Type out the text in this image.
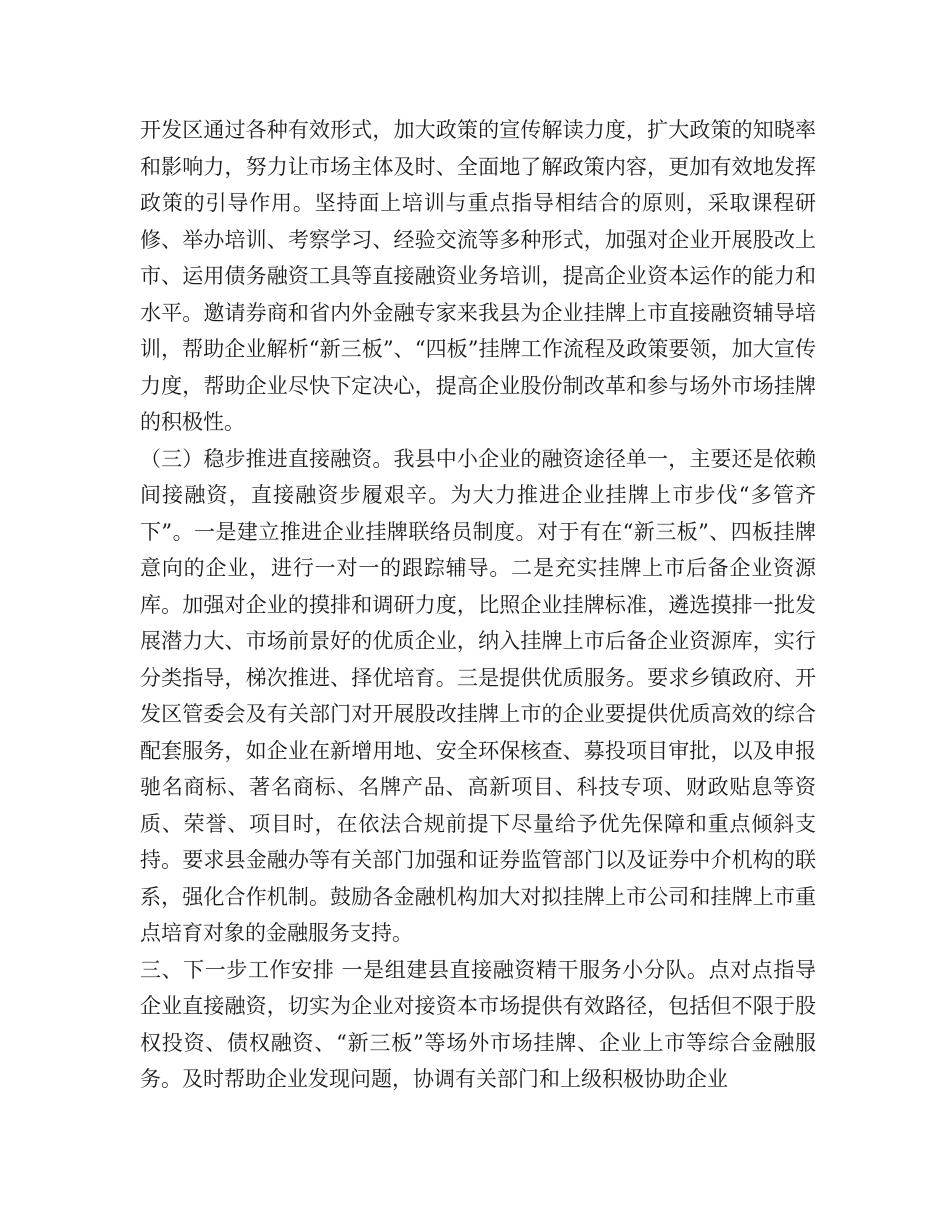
开发区通过各种有效形式，加大政策的宣传解读力度，扩大政策的知晓率和影响力，努力让市场主体及时、全面地了解政策内容，更加有效地发挥政策的引导作用。坚持面上培训与重点指导相结合的原则，采取课程研修、举办培训、考察学习、经验交流等多种形式，加强对企业开展股改上市、运用债务融资工具等直接融资业务培训，提高企业资本运作的能力和水平。邀请券商和省内外金融专家来我县为企业挂牌上市直接融资辅导培训，帮助企业解析“新三板”、“四板”挂牌工作流程及政策要领，加大宣传力度，帮助企业尽快下定决心，提高企业股份制改革和参与场外市场挂牌的积极性。

（三）稳步推进直接融资。我县中小企业的融资途径单一，主要还是依赖间接融资，直接融资步履艰辛。为大力推进企业挂牌上市步伐“多管齐下”。一是建立推进企业挂牌联络员制度。对于有在“新三板”、四板挂牌意向的企业，进行一对一的跟踪辅导。二是充实挂牌上市后备企业资源库。加强对企业的摸排和调研力度，比照企业挂牌标准，遴选摸排一批发展潜力大、市场前景好的优质企业，纳入挂牌上市后备企业资源库，实行分类指导，梯次推进、择优培育。三是提供优质服务。要求乡镇政府、开发区管委会及有关部门对开展股改挂牌上市的企业要提供优质高效的综合配套服务，如企业在新增用地、安全环保核查、募投项目审批，以及申报驰名商标、著名商标、名牌产品、高新项目、科技专项、财政贴息等资质、荣誉、项目时，在依法合规前提下尽量给予优先保障和重点倾斜支持。要求县金融办等有关部门加强和证券监管部门以及证券中介机构的联系，强化合作机制。鼓励各金融机构加大对拟挂牌上市公司和挂牌上市重点培育对象的金融服务支持。

三、下一步工作安排 一是组建县直接融资精干服务小分队。点对点指导企业直接融资，切实为企业对接资本市场提供有效路径，包括但不限于股权投资、债权融资、“新三板”等场外市场挂牌、企业上市等综合金融服务。及时帮助企业发现问题，协调有关部门和上级积极协助企业
